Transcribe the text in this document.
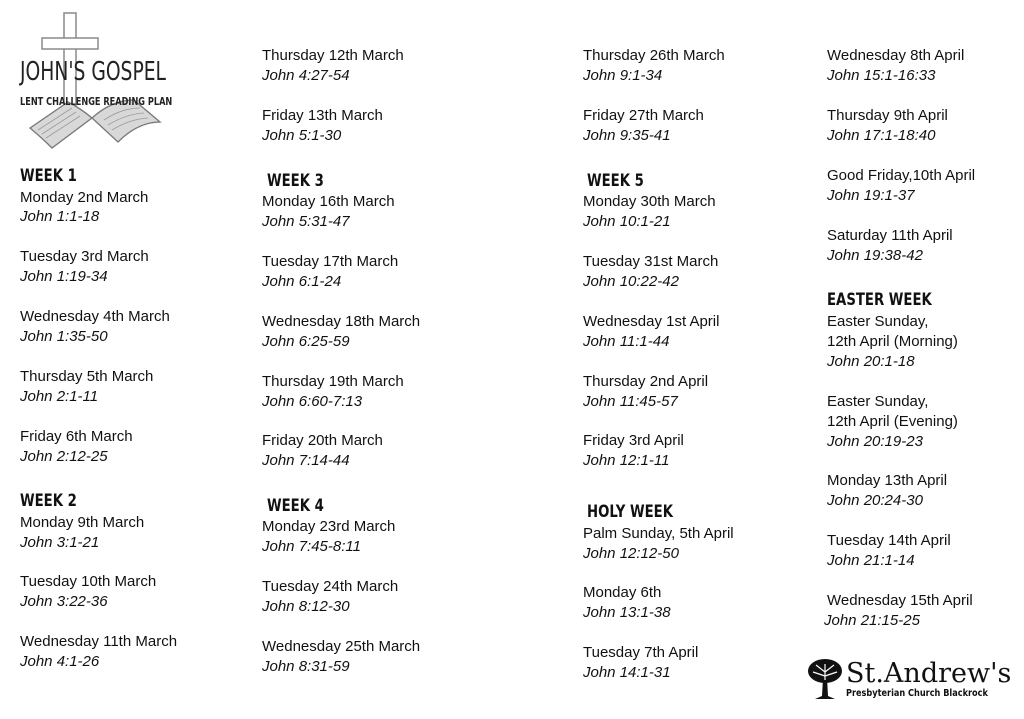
JOHN'S GOSPEL
LENT CHALLENGE READING PLAN
WEEK 1
Monday 2nd March
John 1:1-18
Tuesday 3rd March
John 1:19-34
Wednesday 4th March
John 1:35-50
Thursday 5th March
John 2:1-11
Friday 6th March
John 2:12-25
WEEK 2
Monday 9th March
John 3:1-21
Tuesday 10th March
John 3:22-36
Wednesday 11th March
John 4:1-26
Thursday 12th March
John 4:27-54
Friday 13th March
John 5:1-30
WEEK 3
Monday 16th March
John 5:31-47
Tuesday 17th March
John 6:1-24
Wednesday 18th March
John 6:25-59
Thursday 19th March
John 6:60-7:13
Friday 20th March
John 7:14-44
WEEK 4
Monday 23rd March
John 7:45-8:11
Tuesday 24th March
John 8:12-30
Wednesday 25th March
John 8:31-59
Thursday 26th March
John 9:1-34
Friday 27th March
John 9:35-41
WEEK 5
Monday 30th March
John 10:1-21
Tuesday 31st March
John 10:22-42
Wednesday 1st April
John 11:1-44
Thursday 2nd April
John 11:45-57
Friday 3rd April
John 12:1-11
HOLY WEEK
Palm Sunday, 5th April
John 12:12-50
Monday 6th
John 13:1-38
Tuesday 7th April
John 14:1-31
Wednesday 8th April
John 15:1-16:33
Thursday 9th April
John 17:1-18:40
Good Friday,10th April
John 19:1-37
Saturday 11th April
John 19:38-42
EASTER WEEK
Easter Sunday,
12th April (Morning)
John 20:1-18
Easter Sunday,
12th April (Evening)
John 20:19-23
Monday 13th April
John 20:24-30
Tuesday 14th April
John 21:1-14
Wednesday 15th April
John 21:15-25
St.Andrew's
Presbyterian Church Blackrock
